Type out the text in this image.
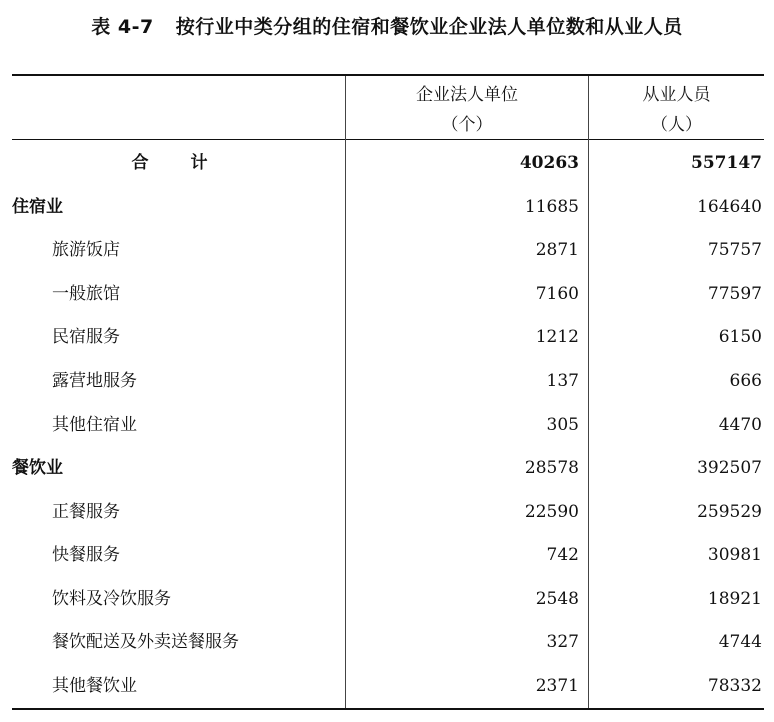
表 4-7 按行业中类分组的住宿和餐饮业企业法人单位数和从业人员
企业法人单位
（个）
从业人员
（人）
合 计	40263	557147
住宿业	11685	164640
旅游饭店	2871	75757
一般旅馆	7160	77597
民宿服务	1212	6150
露营地服务	137	666
其他住宿业	305	4470
餐饮业	28578	392507
正餐服务	22590	259529
快餐服务	742	30981
饮料及冷饮服务	2548	18921
餐饮配送及外卖送餐服务	327	4744
其他餐饮业	2371	78332
